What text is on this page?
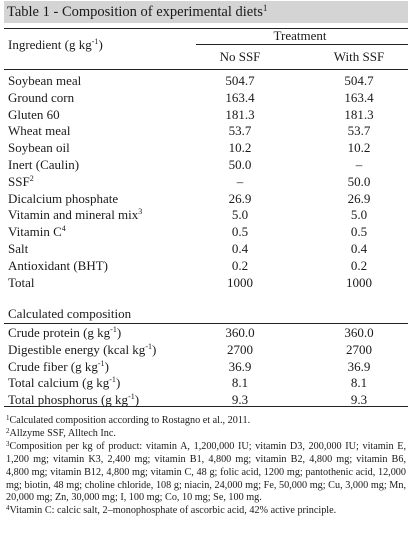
Table 1 - Composition of experimental diets$^1$
Ingredient (g $kg^{-1}$)
Treatment
No SSF	With SSF
Soybean meal	504.7	504.7
Ground corn	163.4	163.4
Gluten 60	181.3	181.3
Wheat meal	53.7	53.7
Soybean oil	10.2	10.2
Inert (Caulin)	50.0	–
SSF$^2$	–	50.0
Dicalcium phosphate	26.9	26.9
Vitamin and mineral mix$^3$	5.0	5.0
Vitamin $C^4$	0.5	0.5
Salt	0.4	0.4
Antioxidant (BHT)	0.2	0.2
Total	1000	1000
Calculated composition
Crude protein (g $kg^{-1}$)	360.0	360.0
Digestible energy (kcal $kg^{-1}$)	2700	2700
Crude fiber (g $kg^{-1}$)	36.9	36.9
Total calcium (g $kg^{-1}$)	8.1	8.1
Total phosphorus (g $kg^{-1}$)	9.3	9.3
$^1$Calculated composition according to Rostagno et al., 2011.
$^2$Allzyme SSF, Alltech Inc.
$^3$Composition per kg of product: vitamin A, 1,200,000 IU; vitamin D3, 200,000 IU; vitamin E, 1,200 mg; vitamin K3, 2,400 mg; vitamin B1, 4,800 mg; vitamin B2, 4,800 mg; vitamin B6, 4,800 mg; vitamin B12, 4,800 mg; vitamin C, 48 g; folic acid, 1200 mg; pantothenic acid, 12,000 mg; biotin, 48 mg; choline chloride, 108 g; niacin, 24,000 mg; Fe, 50,000 mg; Cu, 3,000 mg; Mn, 20,000 mg; Zn, 30,000 mg; I, 100 mg; Co, 10 mg; Se, 100 mg.
$^4$Vitamin C: calcic salt, 2–monophosphate of ascorbic acid, 42% active principle.
